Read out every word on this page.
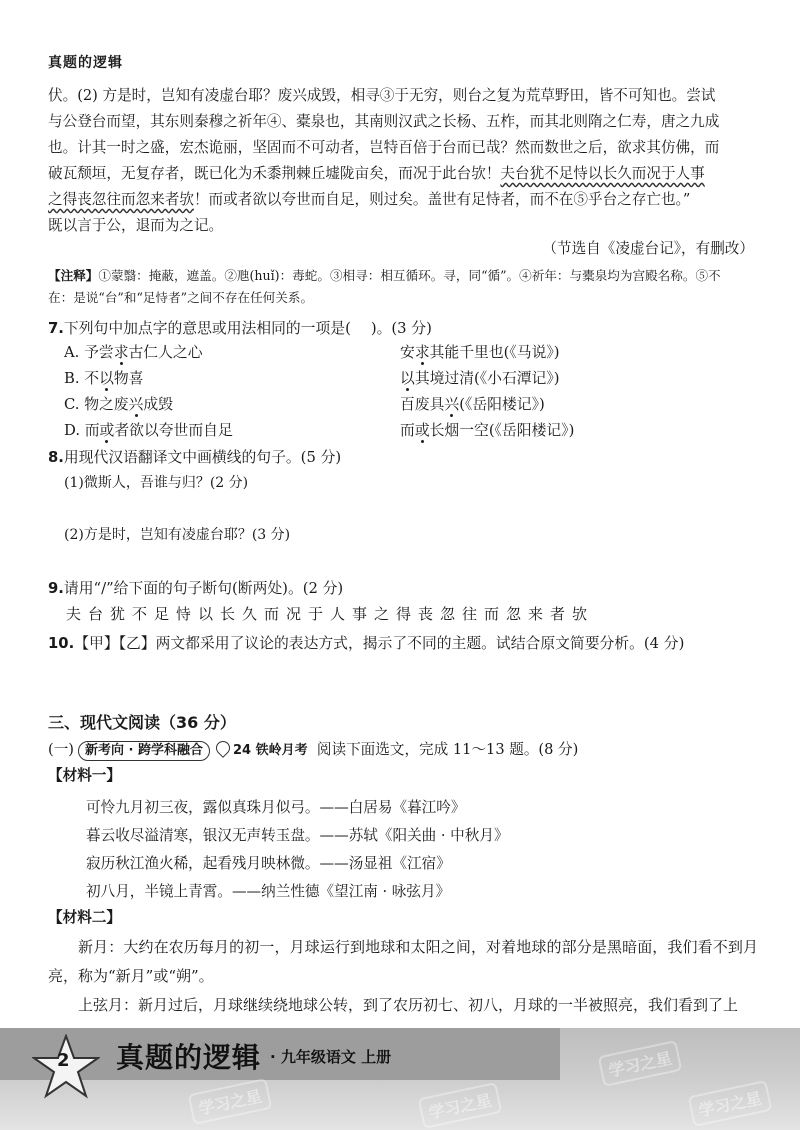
真题的逻辑

伏。(2) 方是时，岂知有凌虚台耶？废兴成毁，相寻③于无穷，则台之复为荒草野田，皆不可知也。尝试

与公登台而望，其东则秦穆之祈年④、橐泉也，其南则汉武之长杨、五柞，而其北则隋之仁寿，唐之九成

也。计其一时之盛，宏杰诡丽，坚固而不可动者，岂特百倍于台而已哉？然而数世之后，欲求其仿佛，而

破瓦颓垣，无复存者，既已化为禾黍荆棘丘墟陇亩矣，而况于此台欤！夫台犹不足恃以长久而况于人事

之得丧忽往而忽来者欤！而或者欲以夸世而自足，则过矣。盖世有足恃者，而不在⑤乎台之存亡也。”

既以言于公，退而为之记。

（节选自《凌虚台记》，有删改）
【注释】①蒙翳：掩蔽，遮盖。②虺(huǐ)：毒蛇。③相寻：相互循环。寻，同“循”。④祈年：与橐泉均为宫殿名称。⑤不
在：是说“台”和“足恃者”之间不存在任何关系。
7.下列句中加点字的意思或用法相同的一项是( )。(3 分)
A. 予尝求古仁人之心	安求其能千里也(《马说》)
B. 不以物喜	以其境过清(《小石潭记》)
C. 物之废兴成毁	百废具兴(《岳阳楼记》)
D. 而或者欲以夸世而自足	而或长烟一空(《岳阳楼记》)
8.用现代汉语翻译文中画横线的句子。(5 分)
(1)微斯人，吾谁与归？(2 分)
(2)方是时，岂知有凌虚台耶？(3 分)
9.请用“/”给下面的句子断句(断两处)。(2 分)
夫台犹不足恃以长久而况于人事之得丧忽往而忽来者欤
10.【甲】【乙】两文都采用了议论的表达方式，揭示了不同的主题。试结合原文简要分析。(4 分)
三、现代文阅读（36 分）
(一) 新考向 · 跨学科融合 24 铁岭月考 阅读下面选文，完成 11～13 题。(8 分)
【材料一】
可怜九月初三夜，露似真珠月似弓。——白居易《暮江吟》
暮云收尽溢清寒，银汉无声转玉盘。——苏轼《阳关曲 · 中秋月》
寂历秋江渔火稀，起看残月映林微。——汤显祖《江宿》
初八月，半镜上青霄。——纳兰性德《望江南 · 咏弦月》
【材料二】

新月：大约在农历每月的初一，月球运行到地球和太阳之间，对着地球的部分是黑暗面，我们看不到月亮，称为“新月”或“朔”。

上弦月：新月过后，月球继续绕地球公转，到了农历初七、初八，月球的一半被照亮，我们看到了上

学习之星	学习之星
学习之星
学习之星
2 真题的逻辑 · 九年级语文 上册
